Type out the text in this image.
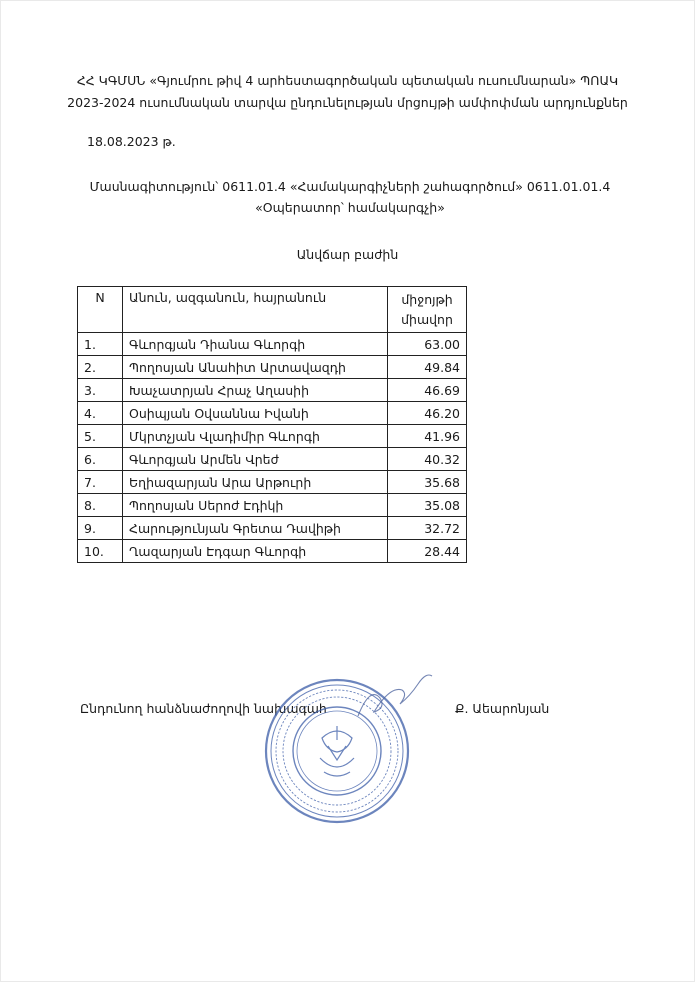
ՀՀ ԿԳՄՍՆ «Գյումրու թիվ 4 արհեստագործական պետական ուսումնարան» ՊՈԱԿ
2023-2024 ուսումնական տարվա ընդունելության մրցույթի ամփոփման արդյունքներ
18.08.2023 թ.
Մասնագիտություն՝ 0611.01.4 «Համակարգիչների շահագործում» 0611.01.01.4
«Օպերատոր՝ համակարգչի»
Անվճար բաժին
N	Անուն, ազգանուն, հայրանուն	միջոյթի
միավոր

1.	Գևորգյան Դիանա Գևորգի	63.00
2.	Պողոսյան Անահիտ Արտավազդի	49.84
3.	Խաչատրյան Հրաչ Աղասիի	46.69
4.	Օսիպյան Օվսաննա Իվանի	46.20
5.	Մկրտչյան Վլադիմիր Գևորգի	41.96
6.	Գևորգյան Արմեն Վրեժ	40.32
7.	Եղիազարյան Արա Արթուրի	35.68
8.	Պողոսյան Սերոժ Էդիկի	35.08
9.	Հարությունյան Գրետա Դավիթի	32.72
10.	Ղազարյան Էդգար Գևորգի	28.44
Ընդունող հանձնաժողովի նախագահ	Ք. Աեարոնյան
